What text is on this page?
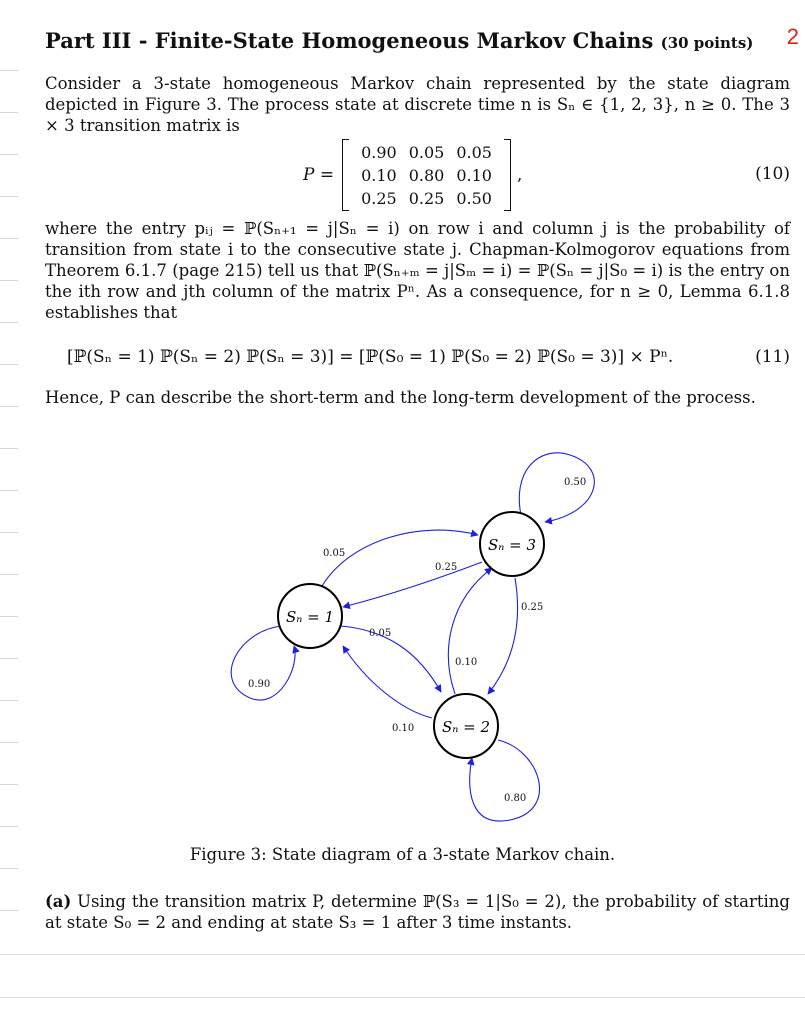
2
Part III - Finite-State Homogeneous Markov Chains (30 points)

Consider a 3-state homogeneous Markov chain represented by the state diagram depicted in Figure 3. The process state at discrete time n is Sₙ ∈ {1, 2, 3}, n ≥ 0. The 3 × 3 transition matrix is

P =
0.90	0.05	0.05
0.10	0.80	0.10
0.25	0.25	0.50
,	(10)

where the entry pᵢⱼ = ℙ(Sₙ₊₁ = j|Sₙ = i) on row i and column j is the probability of transition from state i to the consecutive state j. Chapman-Kolmogorov equations from Theorem 6.1.7 (page 215) tell us that ℙ(Sₙ₊ₘ = j|Sₘ = i) = ℙ(Sₙ = j|S₀ = i) is the entry on the ith row and jth column of the matrix Pⁿ. As a consequence, for n ≥ 0, Lemma 6.1.8 establishes that

[ℙ(Sₙ = 1) ℙ(Sₙ = 2) ℙ(Sₙ = 3)] = [ℙ(S₀ = 1) ℙ(S₀ = 2) ℙ(S₀ = 3)] × Pⁿ.	(11)

Hence, P can describe the short-term and the long-term development of the process.

Sₙ = 1
Sₙ = 2
Sₙ = 3
0.90
0.05
0.05
0.25
0.50
0.25
0.10
0.10
0.80
Figure 3: State diagram of a 3-state Markov chain.
(a) Using the transition matrix P, determine ℙ(S₃ = 1|S₀ = 2), the probability of starting at state S₀ = 2 and ending at state S₃ = 1 after 3 time instants.
